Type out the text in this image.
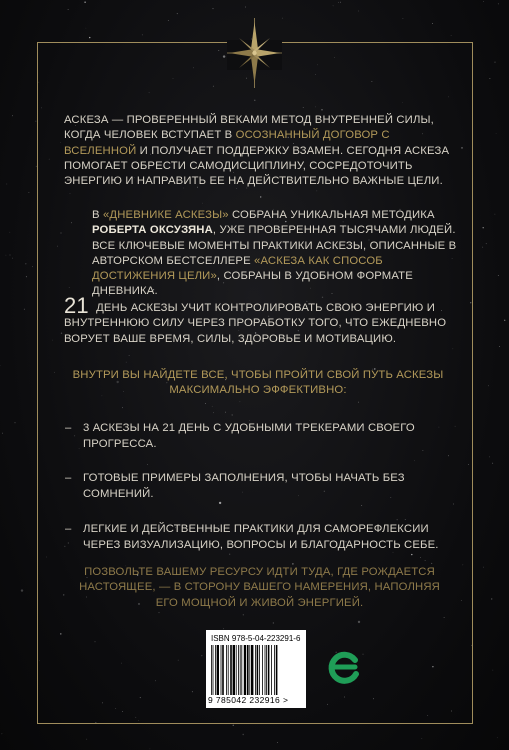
АСКЕЗА — ПРОВЕРЕННЫЙ ВЕКАМИ МЕТОД ВНУТРЕННЕЙ СИЛЫ, КОГДА ЧЕЛОВЕК ВСТУПАЕТ В ОСОЗНАННЫЙ ДОГОВОР С ВСЕЛЕННОЙ И ПОЛУЧАЕТ ПОДДЕРЖКУ ВЗАМЕН. СЕГОДНЯ АСКЕЗА ПОМОГАЕТ ОБРЕСТИ САМОДИСЦИПЛИНУ, СОСРЕДОТОЧИТЬ ЭНЕРГИЮ И НАПРАВИТЬ ЕЕ НА ДЕЙСТВИТЕЛЬНО ВАЖНЫЕ ЦЕЛИ.
В «ДНЕВНИКЕ АСКЕЗЫ» СОБРАНА УНИКАЛЬНАЯ МЕТОДИКА РОБЕРТА ОКСУЗЯНА, УЖЕ ПРОВЕРЕННАЯ ТЫСЯЧАМИ ЛЮДЕЙ. ВСЕ КЛЮЧЕВЫЕ МОМЕНТЫ ПРАКТИКИ АСКЕЗЫ, ОПИСАННЫЕ В АВТОРСКОМ БЕСТСЕЛЛЕРЕ «АСКЕЗА КАК СПОСОБ ДОСТИЖЕНИЯ ЦЕЛИ», СОБРАНЫ В УДОБНОМ ФОРМАТЕ ДНЕВНИКА.
21 ДЕНЬ АСКЕЗЫ УЧИТ КОНТРОЛИРОВАТЬ СВОЮ ЭНЕРГИЮ И ВНУТРЕННЮЮ СИЛУ ЧЕРЕЗ ПРОРАБОТКУ ТОГО, ЧТО ЕЖЕДНЕВНО ВОРУЕТ ВАШЕ ВРЕМЯ, СИЛЫ, ЗДОРОВЬЕ И МОТИВАЦИЮ.
ВНУТРИ ВЫ НАЙДЕТЕ ВСЕ, ЧТОБЫ ПРОЙТИ СВОЙ ПУТЬ АСКЕЗЫ МАКСИМАЛЬНО ЭФФЕКТИВНО:
– 3 АСКЕЗЫ НА 21 ДЕНЬ С УДОБНЫМИ ТРЕКЕРАМИ СВОЕГО ПРОГРЕССА.
– ГОТОВЫЕ ПРИМЕРЫ ЗАПОЛНЕНИЯ, ЧТОБЫ НАЧАТЬ БЕЗ СОМНЕНИЙ.
– ЛЕГКИЕ И ДЕЙСТВЕННЫЕ ПРАКТИКИ ДЛЯ САМОРЕФЛЕКСИИ ЧЕРЕЗ ВИЗУАЛИЗАЦИЮ, ВОПРОСЫ И БЛАГОДАРНОСТЬ СЕБЕ.
ПОЗВОЛЬТЕ ВАШЕМУ РЕСУРСУ ИДТИ ТУДА, ГДЕ РОЖДАЕТСЯ НАСТОЯЩЕЕ, — В СТОРОНУ ВАШЕГО НАМЕРЕНИЯ, НАПОЛНЯЯ ЕГО МОЩНОЙ И ЖИВОЙ ЭНЕРГИЕЙ.
ISBN 978-5-04-223291-6
9 785042 232916 >
